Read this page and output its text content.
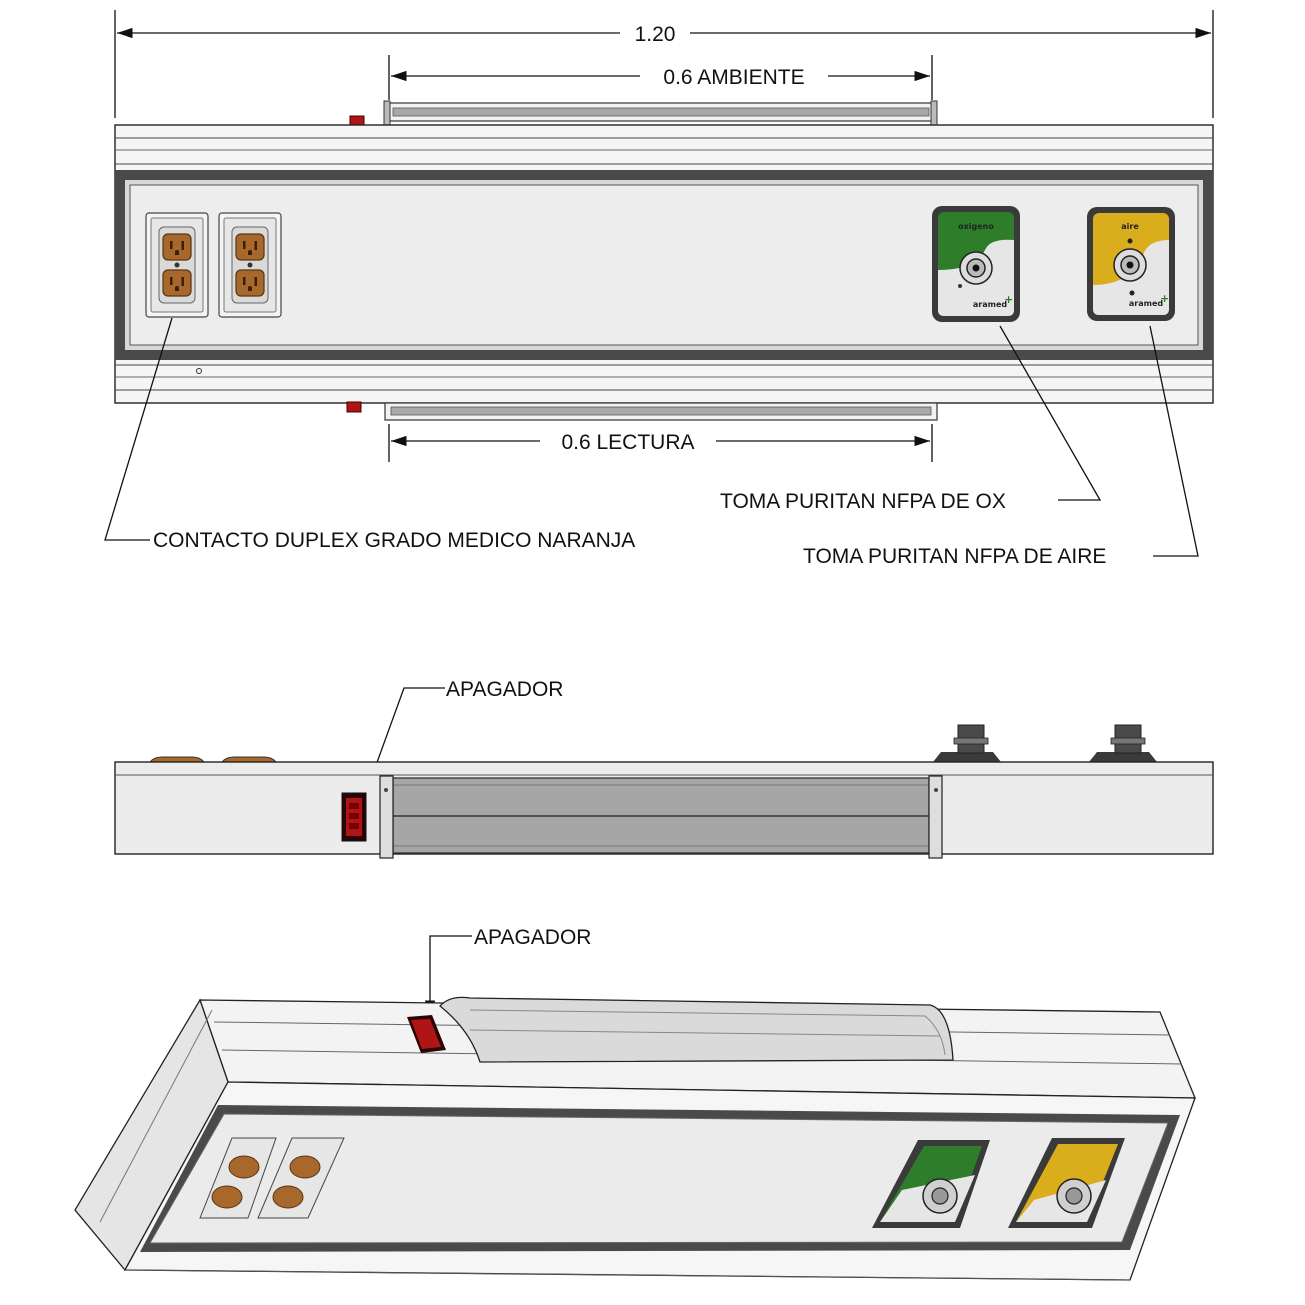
1.20
0.6 AMBIENTE
oxigeno
aramed
+
aire
aramed
+
0.6 LECTURA
CONTACTO DUPLEX GRADO MEDICO NARANJA
TOMA PURITAN NFPA DE OX
TOMA PURITAN NFPA DE AIRE
APAGADOR
APAGADOR
